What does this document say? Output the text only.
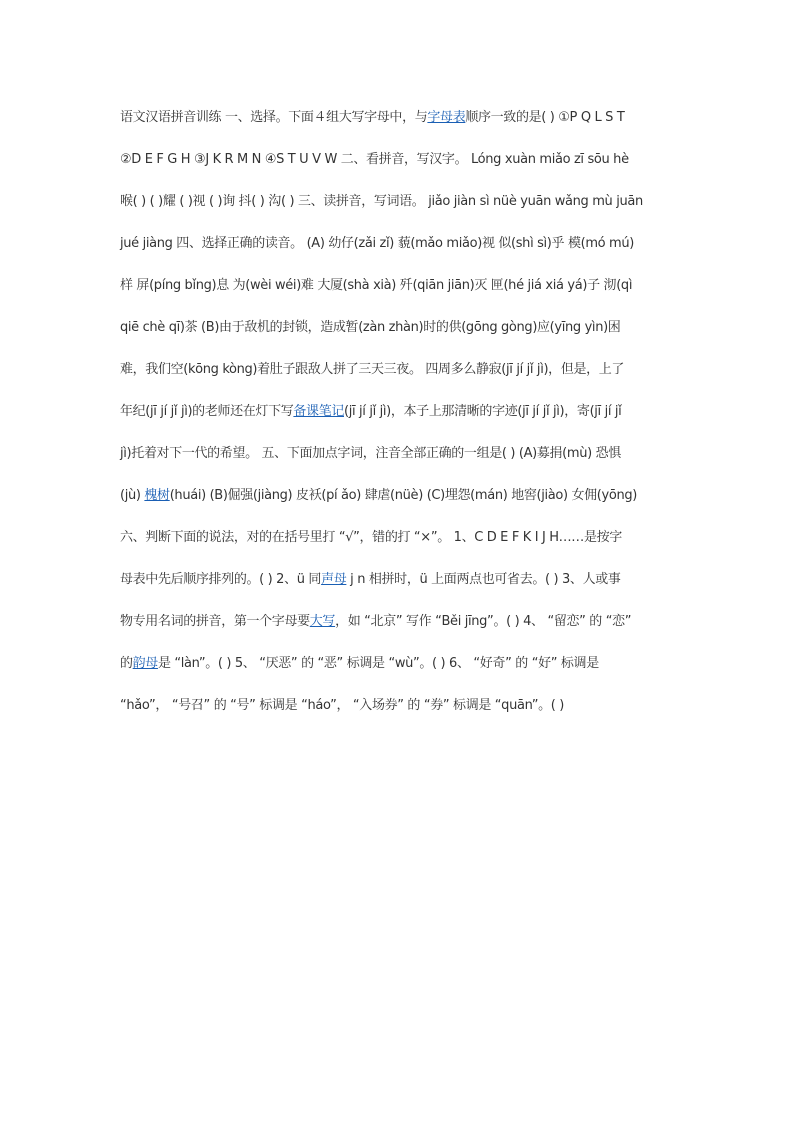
语文汉语拼音训练 一、选择。下面４组大写字母中，与字母表顺序一致的是( ) ①P Q L S T
②D E F G H ③J K R M N ④S T U V W 二、看拼音，写汉字。 Lóng xuàn miǎo zī sōu hè
喉( ) ( )耀 ( )视 ( )询 抖( ) 沟( ) 三、读拼音，写词语。 jiǎo jiàn sì nüè yuān wǎng mù juān
jué jiàng 四、选择正确的读音。 (A) 幼仔(zǎi zǐ) 藐(mǎo miǎo)视 似(shì sì)乎 模(mó mú)
样 屏(píng bǐng)息 为(wèi wéi)难 大厦(shà xià) 歼(qiān jiān)灭 匣(hé jiá xiá yá)子 沏(qì
qiē chè qī)茶 (B)由于敌机的封锁，造成暂(zàn zhàn)时的供(gōng gòng)应(yīng yìn)困
难，我们空(kōng kòng)着肚子跟敌人拼了三天三夜。 四周多么静寂(jī jí jǐ jì)，但是，上了
年纪(jī jí jǐ jì)的老师还在灯下写备课笔记(jī jí jǐ jì)，本子上那清晰的字迹(jī jí jǐ jì)，寄(jī jí jǐ
jì)托着对下一代的希望。 五、下面加点字词，注音全部正确的一组是( ) (A)募捐(mù) 恐惧
(jù) 槐树(huái) (B)倔强(jiàng) 皮袄(pí ǎo) 肆虐(nüè) (C)埋怨(mán) 地窖(jiào) 女佣(yōng)
六、判断下面的说法，对的在括号里打 “√”，错的打 “×”。 1、C D E F K I J H……是按字
母表中先后顺序排列的。( ) 2、ü 同声母 j n 相拼时，ü 上面两点也可省去。( ) 3、人或事
物专用名词的拼音，第一个字母要大写，如 “北京” 写作 “Běi jīng”。( ) 4、 “留恋” 的 “恋”
的韵母是 “làn”。( ) 5、 “厌恶” 的 “恶” 标调是 “wù”。( ) 6、 “好奇” 的 “好” 标调是
“hǎo”， “号召” 的 “号” 标调是 “háo”， “入场券” 的 “券” 标调是 “quān”。( )
